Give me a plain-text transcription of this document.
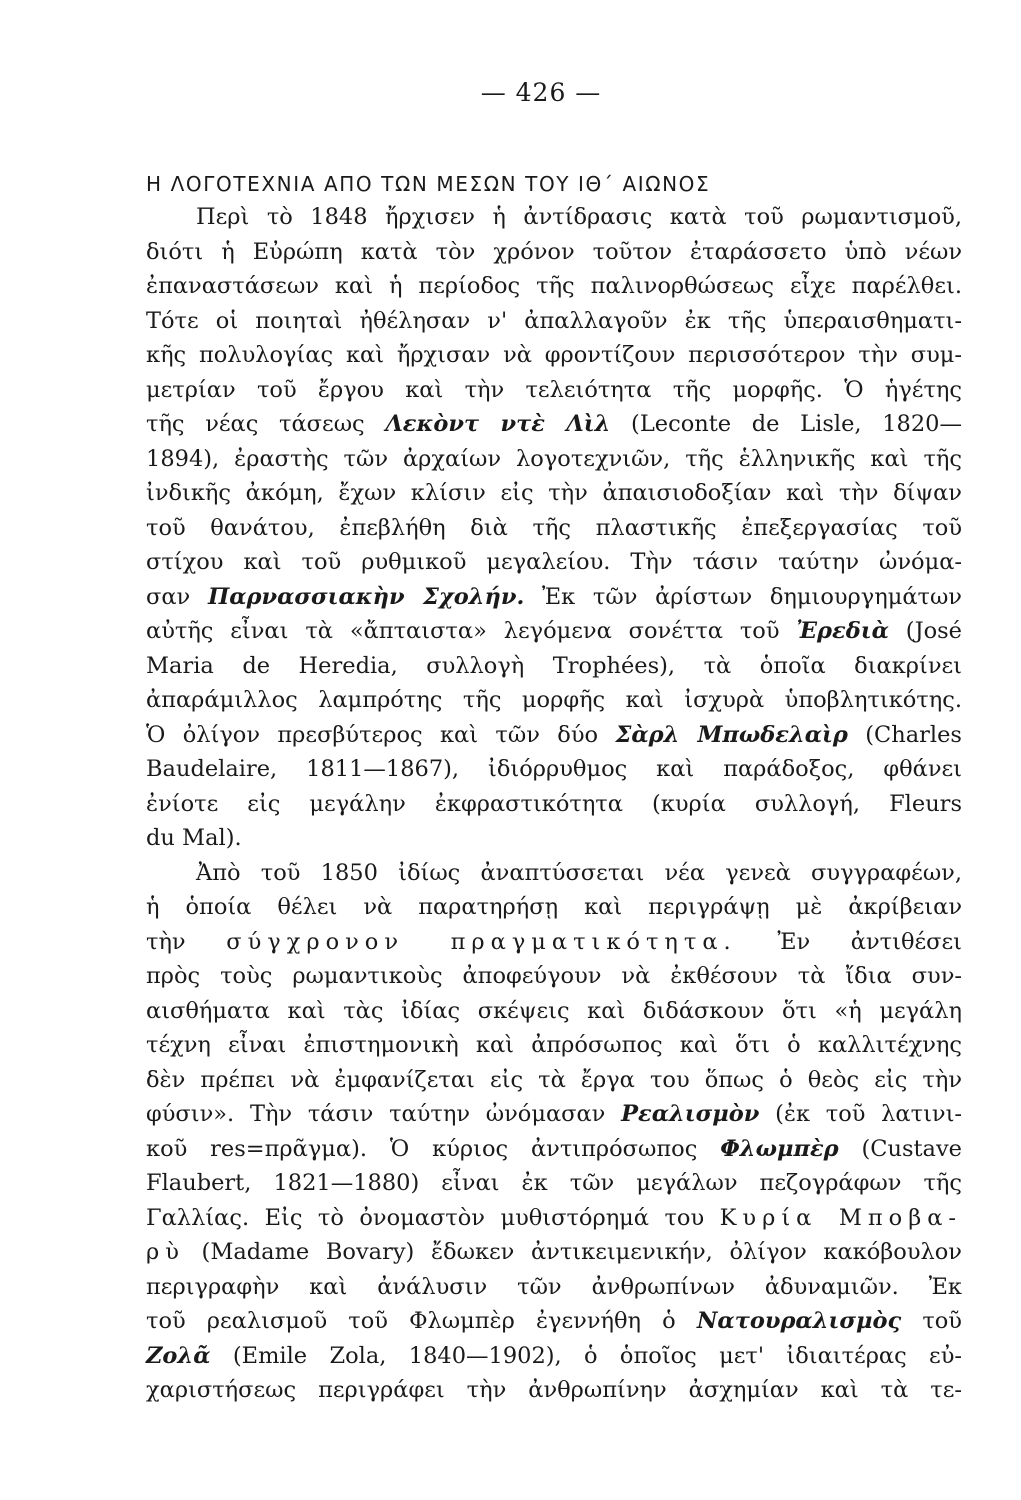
— 426 —
Η ΛΟΓΟΤΕΧΝΙΑ ΑΠΟ ΤΩΝ ΜΕΣΩΝ ΤΟΥ ΙΘ΄ ΑΙΩΝΟΣ
Περὶ τὸ 1848 ἤρχισεν ἡ ἀντίδρασις κατὰ τοῦ ρωμαντισμοῦ,
διότι ἡ Εὐρώπη κατὰ τὸν χρόνον τοῦτον ἐταράσσετο ὑπὸ νέων
ἐπαναστάσεων καὶ ἡ περίοδος τῆς παλινορθώσεως εἶχε παρέλθει.
Τότε οἱ ποιηταὶ ἠθέλησαν ν' ἀπαλλαγοῦν ἐκ τῆς ὑπεραισθηματι-
κῆς πολυλογίας καὶ ἤρχισαν νὰ φροντίζουν περισσότερον τὴν συμ-
μετρίαν τοῦ ἔργου καὶ τὴν τελειότητα τῆς μορφῆς. Ὁ ἡγέτης
τῆς νέας τάσεως Λεκὸντ ντὲ Λὶλ (Leconte de Lisle, 1820—
1894), ἐραστὴς τῶν ἀρχαίων λογοτεχνιῶν, τῆς ἑλληνικῆς καὶ τῆς
ἰνδικῆς ἀκόμη, ἔχων κλίσιν εἰς τὴν ἀπαισιοδοξίαν καὶ τὴν δίψαν
τοῦ θανάτου, ἐπεβλήθη διὰ τῆς πλαστικῆς ἐπεξεργασίας τοῦ
στίχου καὶ τοῦ ρυθμικοῦ μεγαλείου. Τὴν τάσιν ταύτην ὠνόμα-
σαν Παρνασσιακὴν Σχολήν. Ἐκ τῶν ἀρίστων δημιουργημάτων
αὐτῆς εἶναι τὰ «ἄπταιστα» λεγόμενα σονέττα τοῦ Ἐρεδιὰ (José
Maria de Heredia, συλλογὴ Trophées), τὰ ὁποῖα διακρίνει
ἀπαράμιλλος λαμπρότης τῆς μορφῆς καὶ ἰσχυρὰ ὑποβλητικότης.
Ὁ ὀλίγον πρεσβύτερος καὶ τῶν δύο Σὰρλ Μπωδελαὶρ (Charles
Baudelaire, 1811—1867), ἰδιόρρυθμος καὶ παράδοξος, φθάνει
ἐνίοτε εἰς μεγάλην ἐκφραστικότητα (κυρία συλλογή, Fleurs
du Mal).
Ἀπὸ τοῦ 1850 ἰδίως ἀναπτύσσεται νέα γενεὰ συγγραφέων,
ἡ ὁποία θέλει νὰ παρατηρήσῃ καὶ περιγράψῃ μὲ ἀκρίβειαν
τὴν σύγχρονον πραγματικότητα. Ἐν ἀντιθέσει
πρὸς τοὺς ρωμαντικοὺς ἀποφεύγουν νὰ ἐκθέσουν τὰ ἴδια συν-
αισθήματα καὶ τὰς ἰδίας σκέψεις καὶ διδάσκουν ὅτι «ἡ μεγάλη
τέχνη εἶναι ἐπιστημονικὴ καὶ ἀπρόσωπος καὶ ὅτι ὁ καλλιτέχνης
δὲν πρέπει νὰ ἐμφανίζεται εἰς τὰ ἔργα του ὅπως ὁ θεὸς εἰς τὴν
φύσιν». Τὴν τάσιν ταύτην ὠνόμασαν Ρεαλισμὸν (ἐκ τοῦ λατινι-
κοῦ res=πρᾶγμα). Ὁ κύριος ἀντιπρόσωπος Φλωμπὲρ (Custave
Flaubert, 1821—1880) εἶναι ἐκ τῶν μεγάλων πεζογράφων τῆς
Γαλλίας. Εἰς τὸ ὀνομαστὸν μυθιστόρημά του Κυρία Μποβα-
ρὺ (Madame Bovary) ἔδωκεν ἀντικειμενικήν, ὀλίγον κακόβουλον
περιγραφὴν καὶ ἀνάλυσιν τῶν ἀνθρωπίνων ἀδυναμιῶν. Ἐκ
τοῦ ρεαλισμοῦ τοῦ Φλωμπὲρ ἐγεννήθη ὁ Νατουραλισμὸς τοῦ
Ζολᾶ (Emile Zola, 1840—1902), ὁ ὁποῖος μετ' ἰδιαιτέρας εὐ-
χαριστήσεως περιγράφει τὴν ἀνθρωπίνην ἀσχημίαν καὶ τὰ τε-
